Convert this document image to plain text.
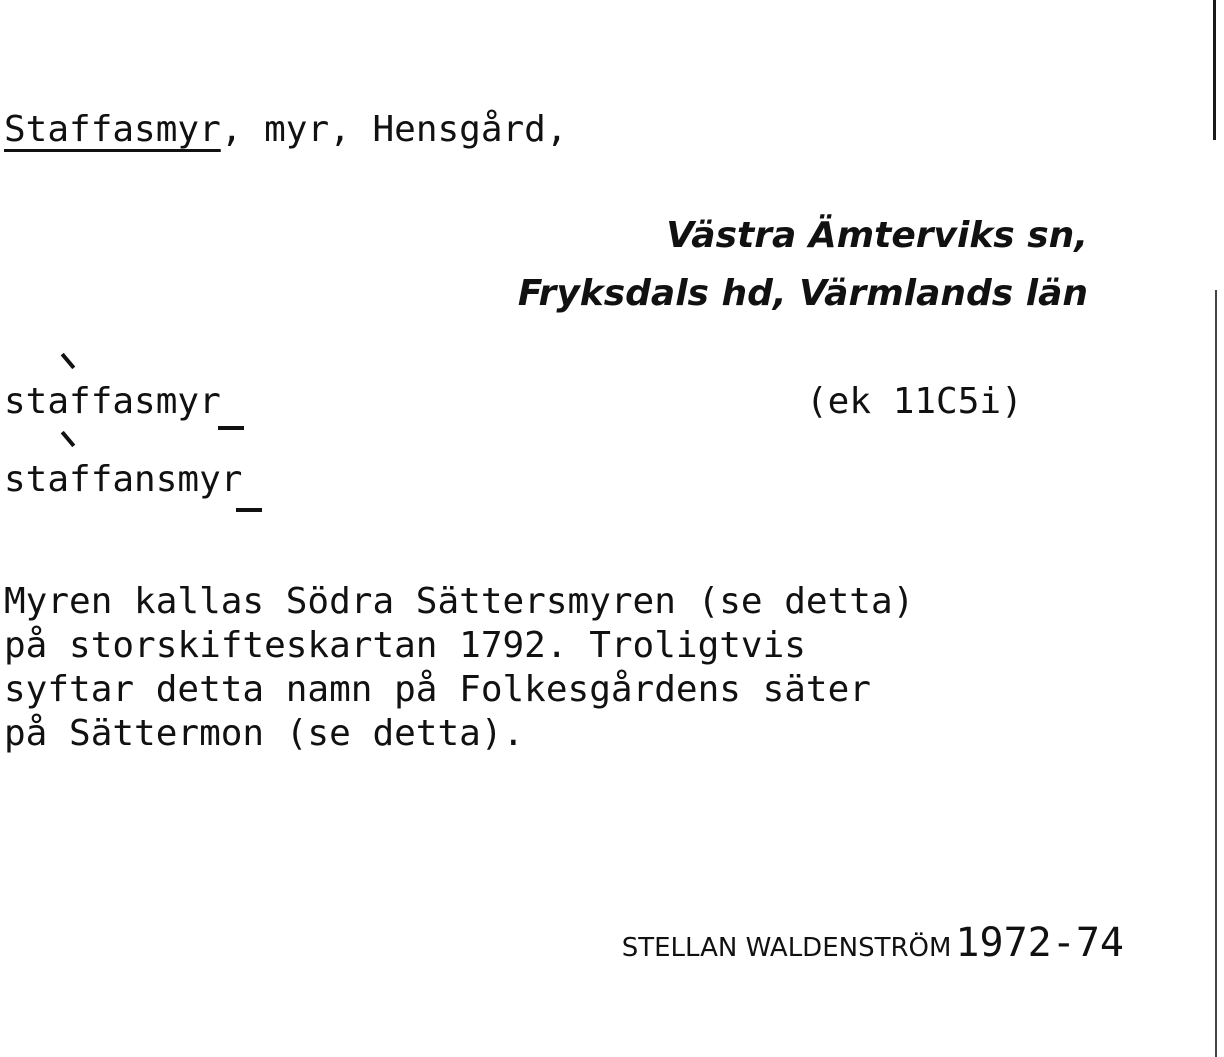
Staffasmyr, myr, Hensgård,

Västra Ämterviks sn,

Fryksdals hd, Värmlands län

staffasmyr	(ek 11C5i)

staffansmyr

Myren kallas Södra Sättersmyren (se detta)
på storskifteskartan 1792. Troligtvis
syftar detta namn på Folkesgårdens säter
på Sättermon (se detta).

STELLAN WALDENSTRÖM 1972-74
